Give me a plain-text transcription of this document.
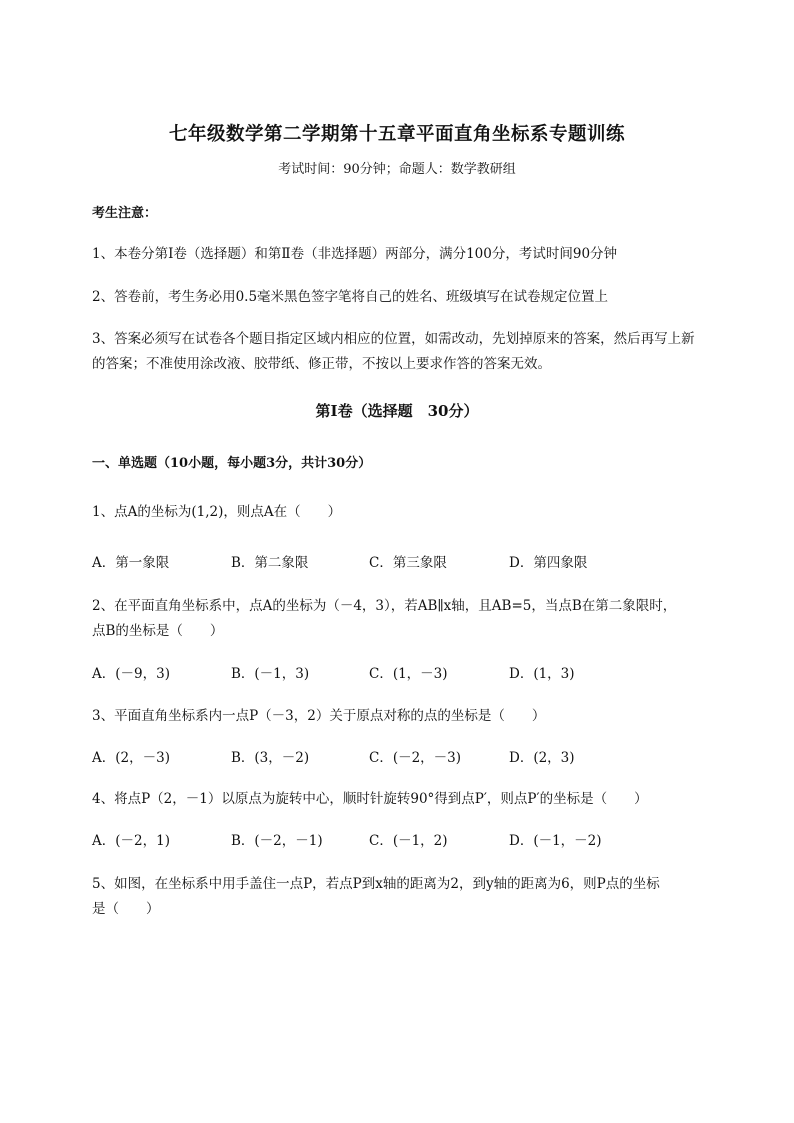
七年级数学第二学期第十五章平面直角坐标系专题训练
考试时间：90分钟；命题人：数学教研组
考生注意：
1、本卷分第Ⅰ卷（选择题）和第Ⅱ卷（非选择题）两部分，满分100分，考试时间90分钟
2、答卷前，考生务必用0.5毫米黑色签字笔将自己的姓名、班级填写在试卷规定位置上
3、答案必须写在试卷各个题目指定区域内相应的位置，如需改动，先划掉原来的答案，然后再写上新
的答案；不准使用涂改液、胶带纸、修正带，不按以上要求作答的答案无效。
第Ⅰ卷（选择题　30分）
一、单选题（10小题，每小题3分，共计30分）
1、点A的坐标为(1,2)，则点A在（　　）
A．第一象限	B．第二象限	C．第三象限	D．第四象限
2、在平面直角坐标系中，点A的坐标为（－4，3），若AB∥x轴，且AB=5，当点B在第二象限时，
点B的坐标是（　　）
A．(－9，3)	B．(－1，3)	C．(1，－3)	D．(1，3)
3、平面直角坐标系内一点P（－3，2）关于原点对称的点的坐标是（　　）
A．(2，－3)	B．(3，－2)	C．(－2，－3)	D．(2，3)
4、将点P（2，－1）以原点为旋转中心，顺时针旋转90°得到点P′，则点P′的坐标是（　　）
A．(－2，1)	B．(－2，－1)	C．(－1，2)	D．(－1，－2)
5、如图，在坐标系中用手盖住一点P，若点P到x轴的距离为2，到y轴的距离为6，则P点的坐标
是（　　）
